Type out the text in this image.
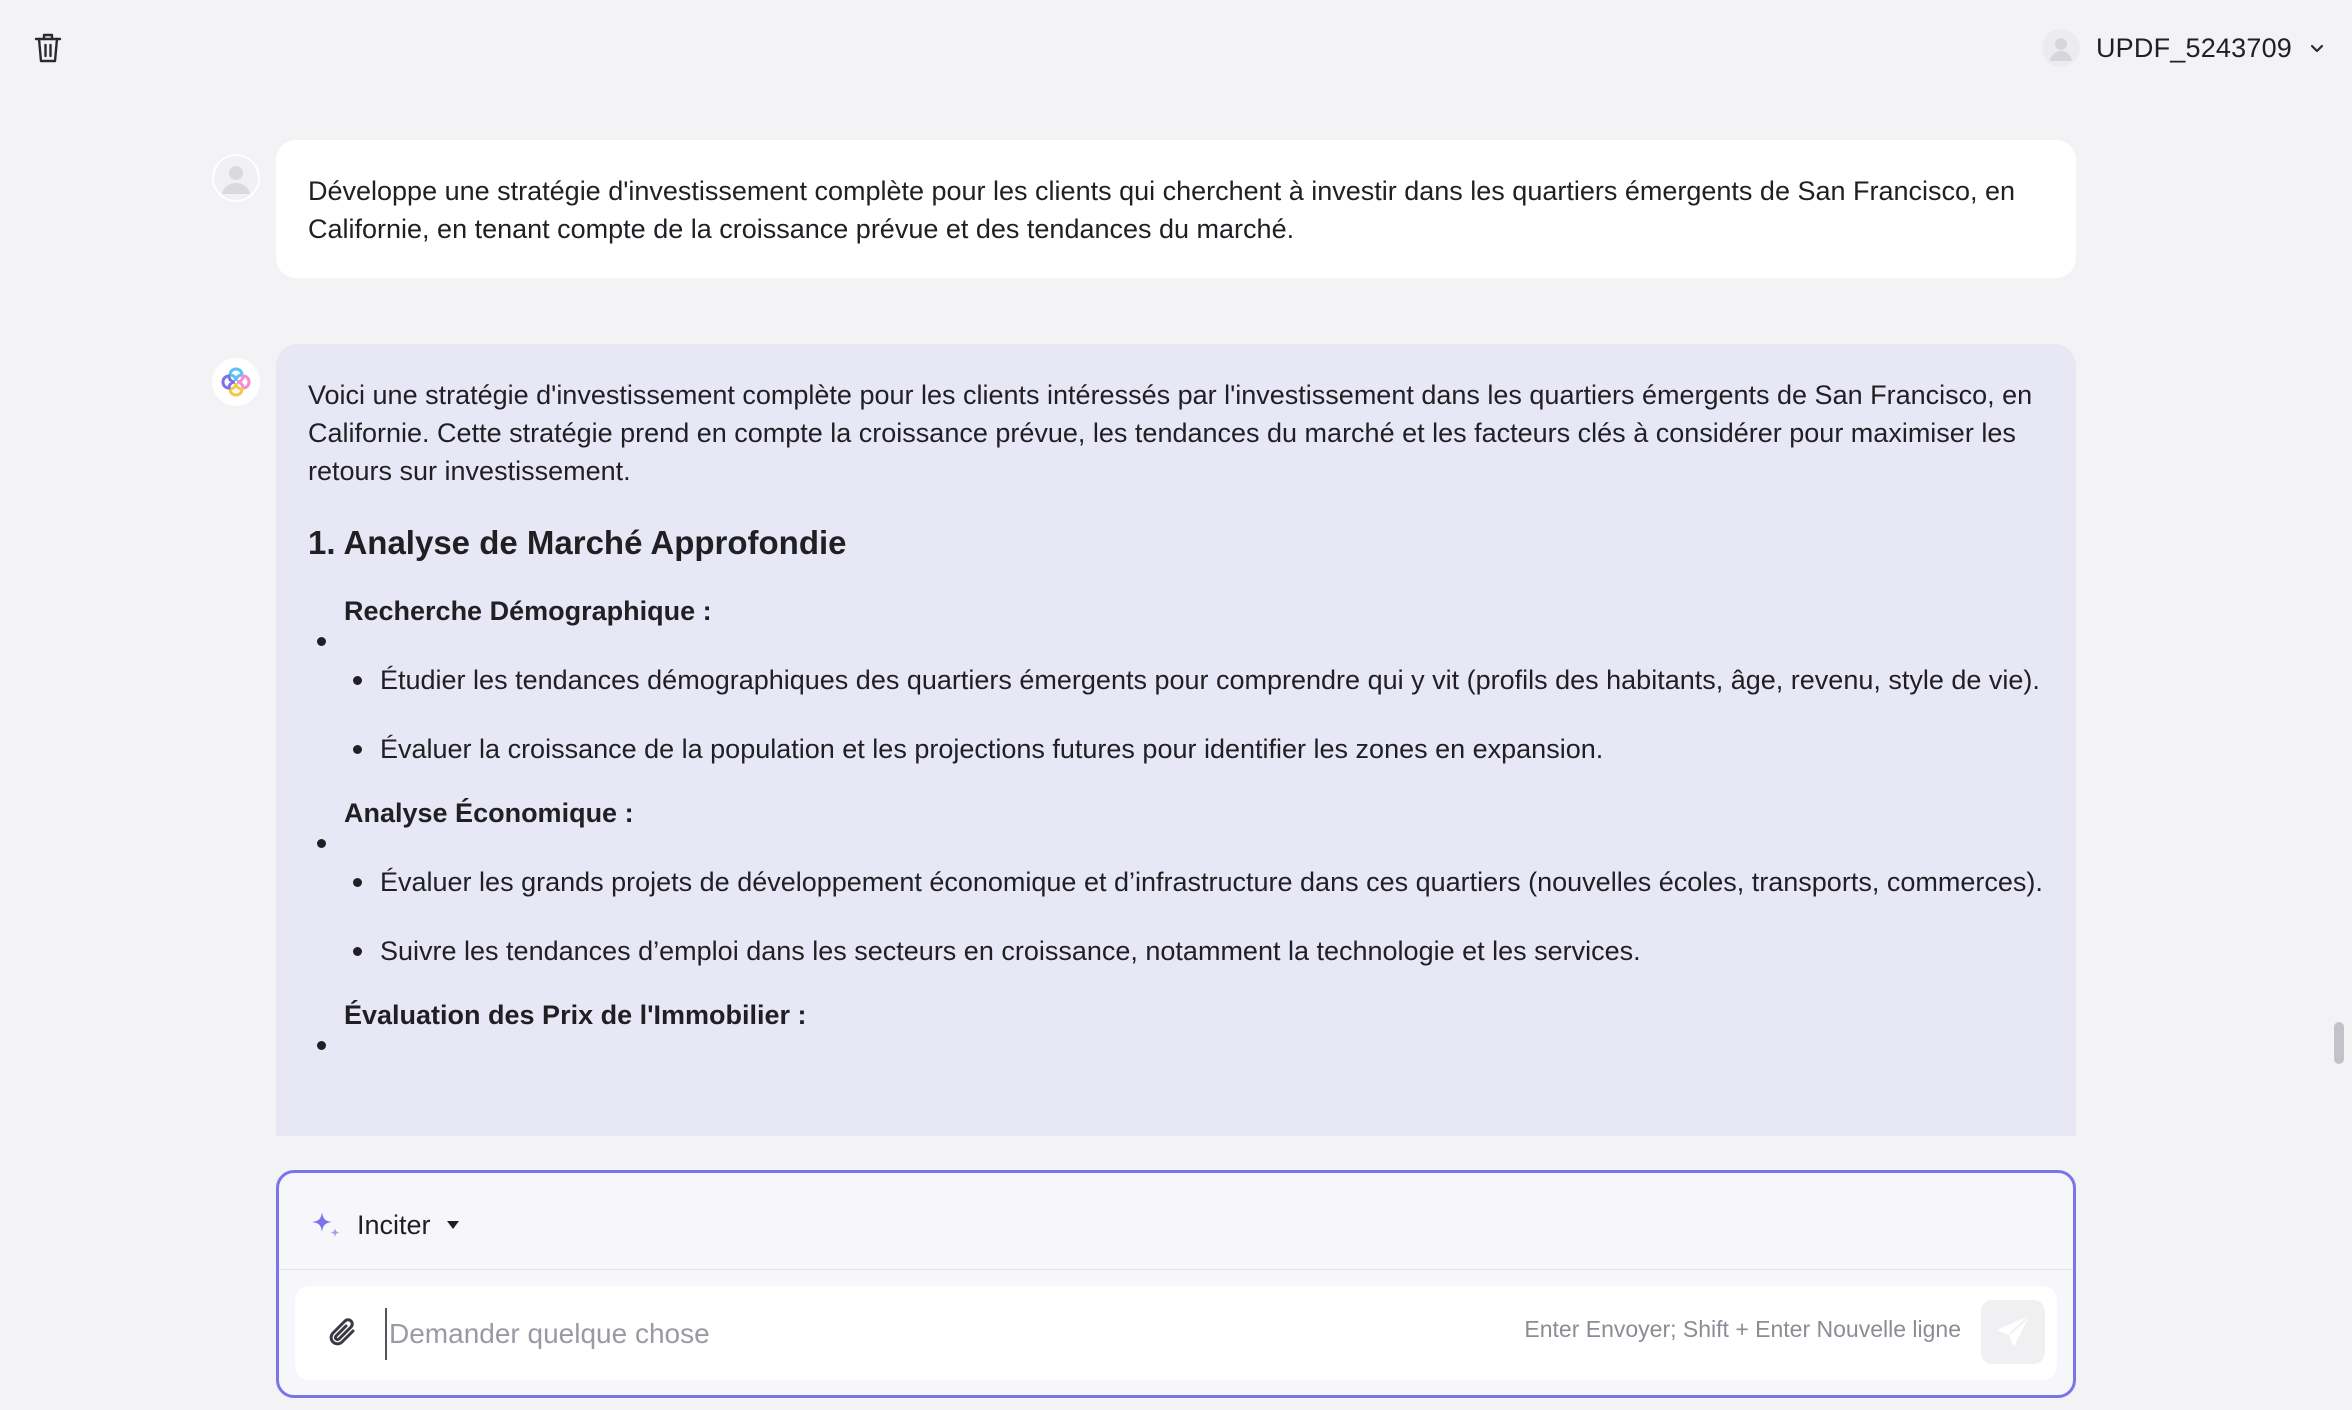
UPDF_5243709
Développe une stratégie d'investissement complète pour les clients qui cherchent à investir dans les quartiers émergents de San Francisco, en Californie, en tenant compte de la croissance prévue et des tendances du marché.

Voici une stratégie d'investissement complète pour les clients intéressés par l'investissement dans les quartiers émergents de San Francisco, en Californie. Cette stratégie prend en compte la croissance prévue, les tendances du marché et les facteurs clés à considérer pour maximiser les retours sur investissement.

1. Analyse de Marché Approfondie
Recherche Démographique :
Étudier les tendances démographiques des quartiers émergents pour comprendre qui y vit (profils des habitants, âge, revenu, style de vie).
Évaluer la croissance de la population et les projections futures pour identifier les zones en expansion.
Analyse Économique :
Évaluer les grands projets de développement économique et d’infrastructure dans ces quartiers (nouvelles écoles, transports, commerces).
Suivre les tendances d’emploi dans les secteurs en croissance, notamment la technologie et les services.
Évaluation des Prix de l'Immobilier :
Inciter
Demander quelque chose
Enter Envoyer; Shift + Enter Nouvelle ligne
